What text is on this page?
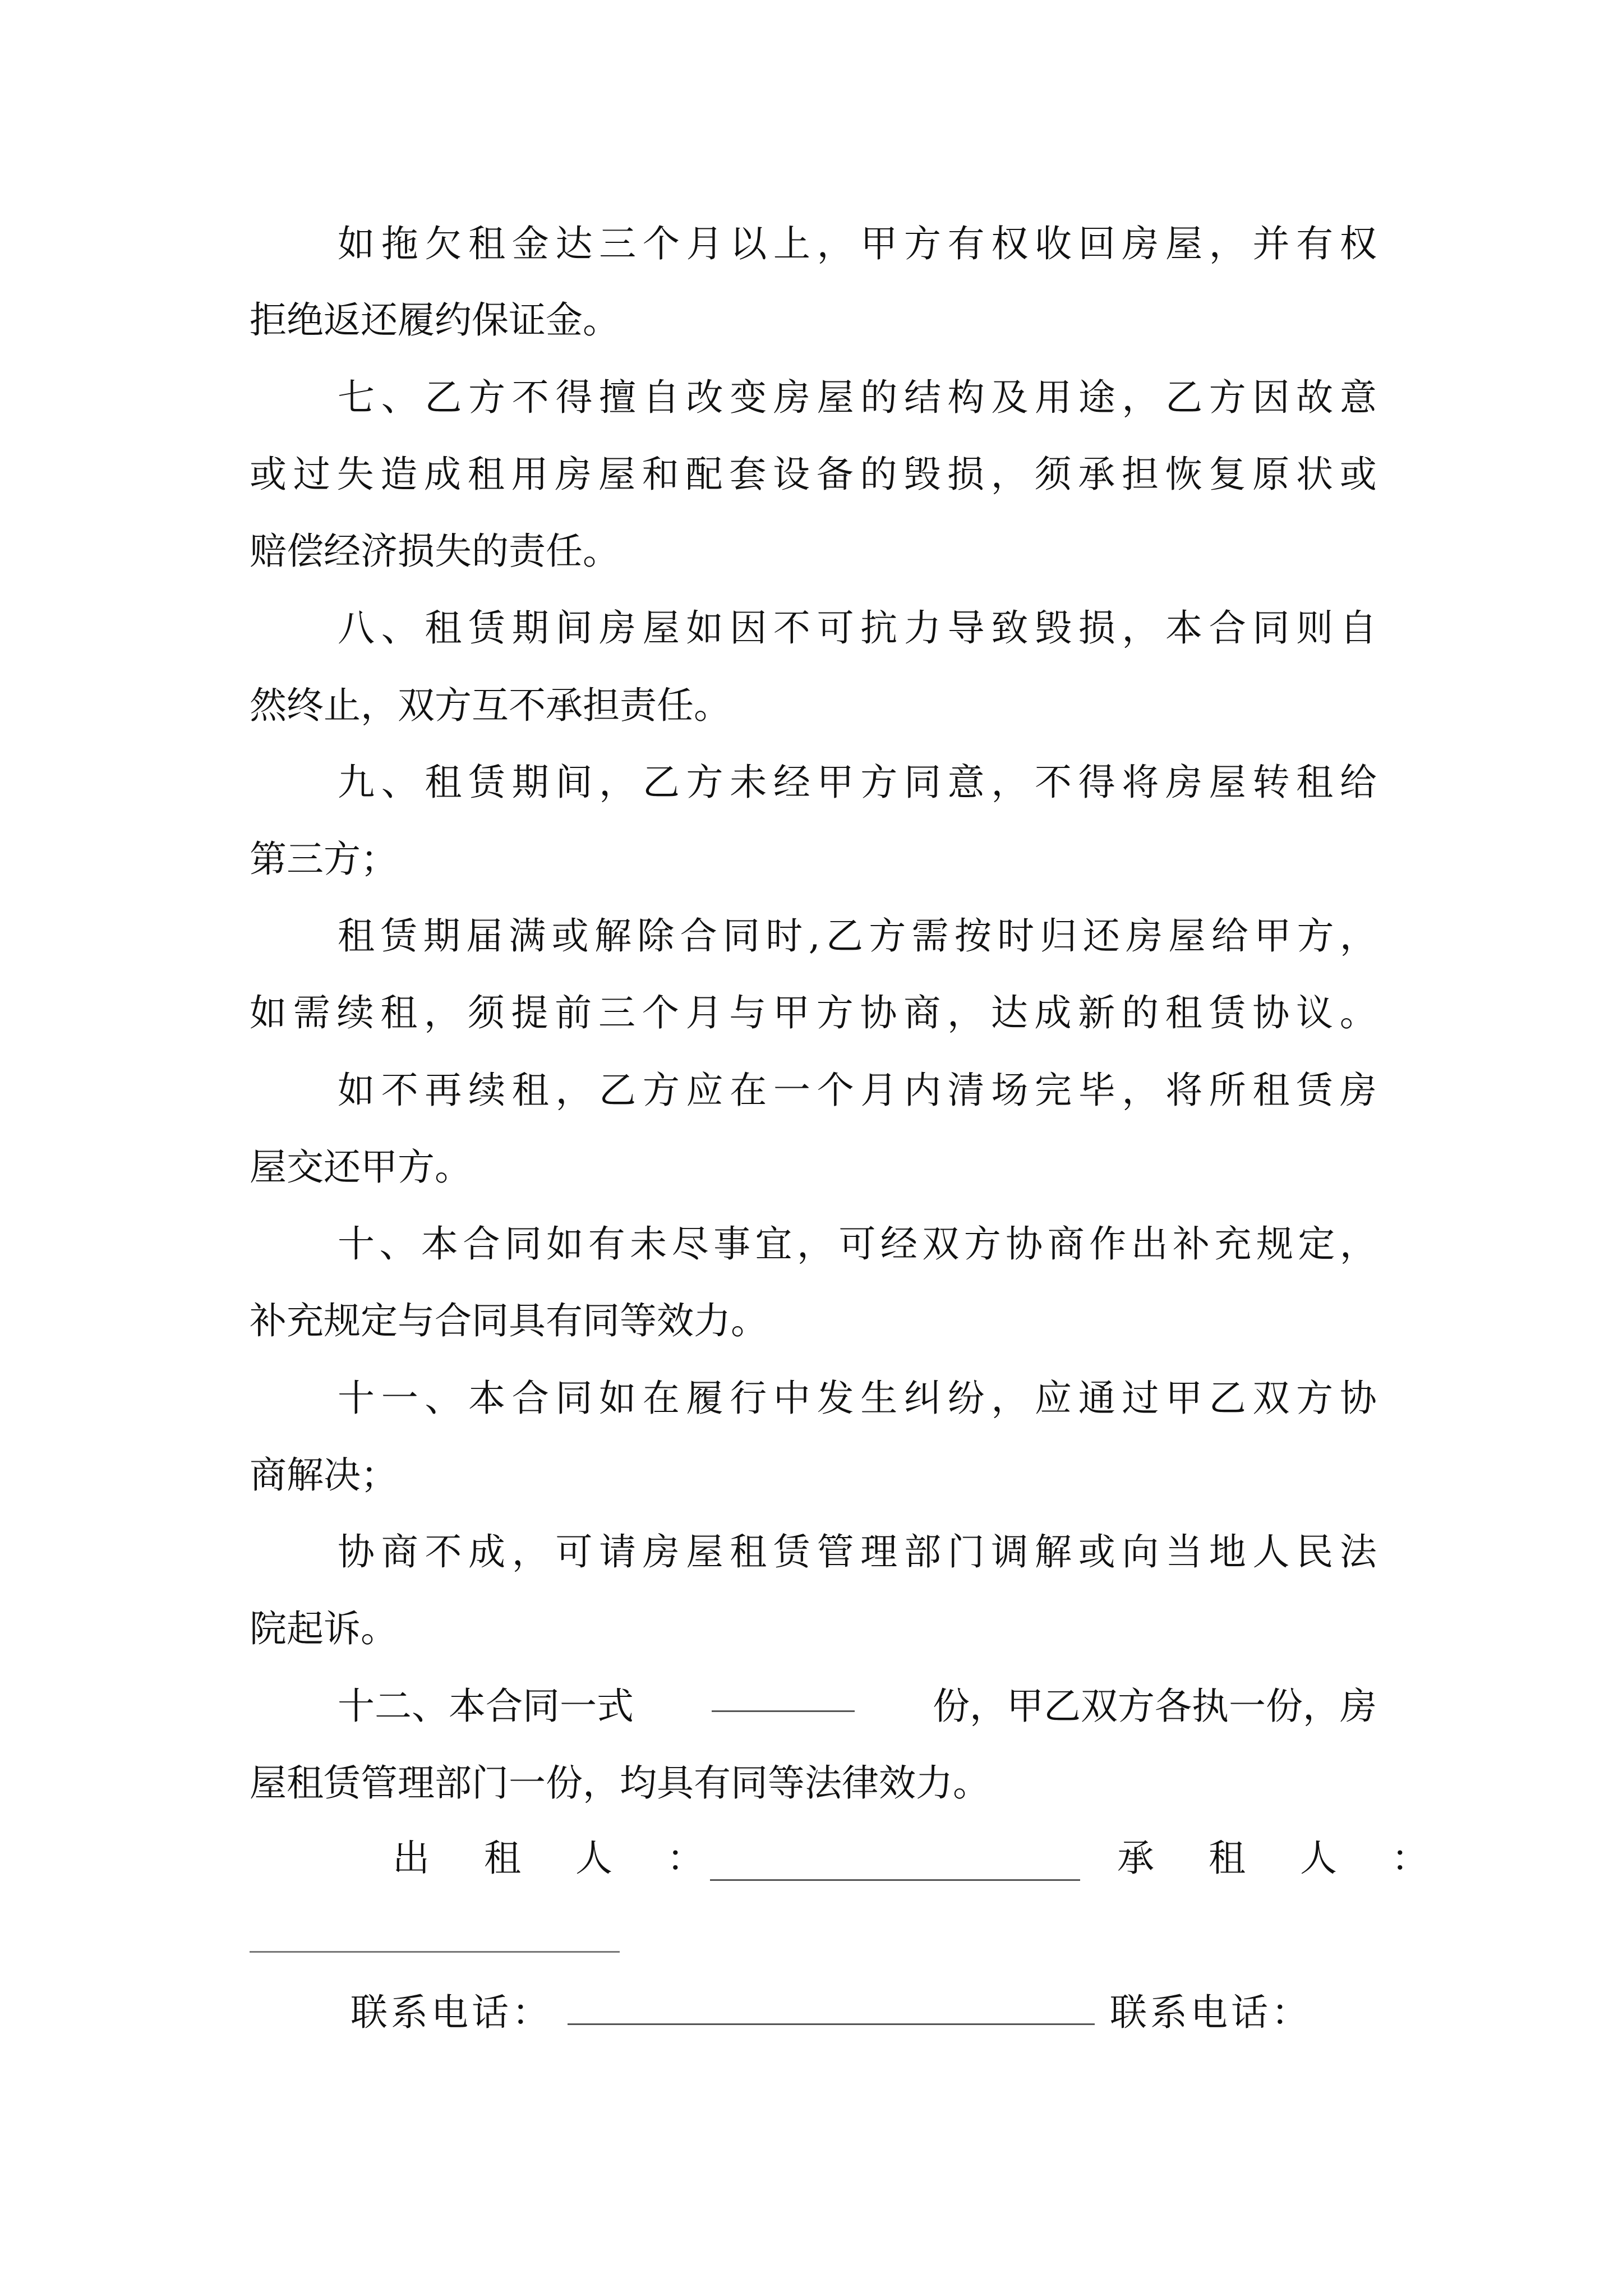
如 拖 欠 租 金 达 三 个 月 以 上 ， 甲 方 有 权 收 回 房 屋 ， 并 有 权
拒绝返还履约保证金。
七 、 乙 方 不 得 擅 自 改 变 房 屋 的 结 构 及 用 途 ， 乙 方 因 故 意
或 过 失 造 成 租 用 房 屋 和 配 套 设 备 的 毁 损 ， 须 承 担 恢 复 原 状 或
赔偿经济损失的责任。
八 、 租 赁 期 间 房 屋 如 因 不 可 抗 力 导 致 毁 损 ， 本 合 同 则 自
然终止，双方互不承担责任。
九 、 租 赁 期 间 ， 乙 方 未 经 甲 方 同 意 ， 不 得 将 房 屋 转 租 给
第三方；
租 赁 期 届 满 或 解 除 合 同 时 , 乙 方 需 按 时 归 还 房 屋 给 甲 方 ，
如 需 续 租 ， 须 提 前 三 个 月 与 甲 方 协 商 ， 达 成 新 的 租 赁 协 议 。
如 不 再 续 租 ， 乙 方 应 在 一 个 月 内 清 场 完 毕 ， 将 所 租 赁 房
屋交还甲方。
十 、 本 合 同 如 有 未 尽 事 宜 ， 可 经 双 方 协 商 作 出 补 充 规 定 ，
补充规定与合同具有同等效力。
十 一 、 本 合 同 如 在 履 行 中 发 生 纠 纷 ， 应 通 过 甲 乙 双 方 协
商解决；
协 商 不 成 ， 可 请 房 屋 租 赁 管 理 部 门 调 解 或 向 当 地 人 民 法
院起诉。
十二、本合同一式	份，甲乙双方各执一份，房
屋租赁管理部门一份，均具有同等法律效力。
出 租 人 ：	承 租 人 ：
联系电话：	联系电话：
